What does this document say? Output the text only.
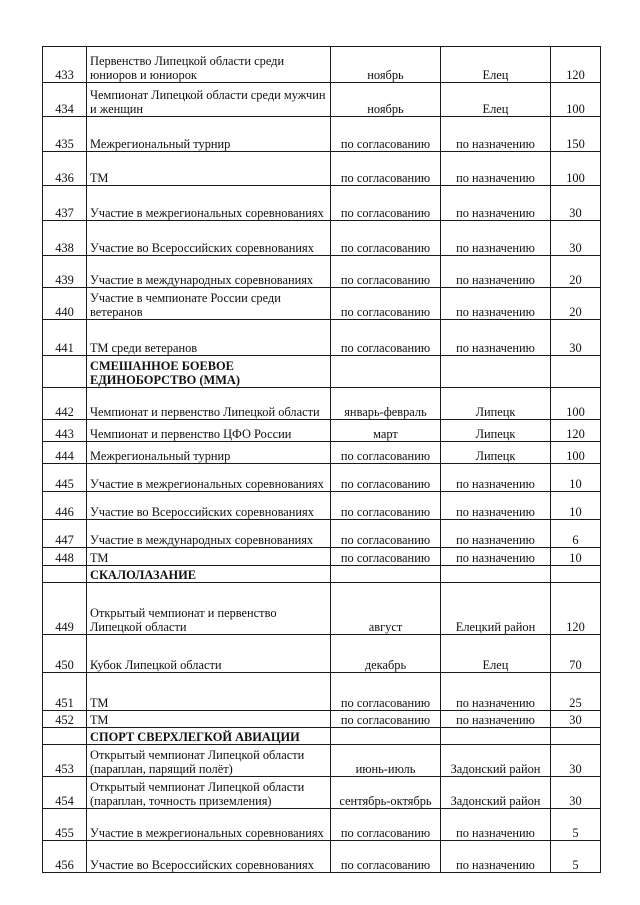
433	Первенство Липецкой области среди юниоров и юниорок	ноябрь	Елец	120
434	Чемпионат Липецкой области среди мужчин и женщин	ноябрь	Елец	100
435	Межрегиональный турнир	по согласованию	по назначению	150
436	ТМ	по согласованию	по назначению	100
437	Участие в межрегиональных соревнованиях	по согласованию	по назначению	30
438	Участие во Всероссийских соревнованиях	по согласованию	по назначению	30
439	Участие в международных соревнованиях	по согласованию	по назначению	20
440	Участие в чемпионате России среди ветеранов	по согласованию	по назначению	20
441	ТМ среди ветеранов	по согласованию	по назначению	30
	СМЕШАННОЕ БОЕВОЕ ЕДИНОБОРСТВО (ММА)			
442	Чемпионат и первенство Липецкой области	январь-февраль	Липецк	100
443	Чемпионат и первенство ЦФО России	март	Липецк	120
444	Межрегиональный турнир	по согласованию	Липецк	100
445	Участие в межрегиональных соревнованиях	по согласованию	по назначению	10
446	Участие во Всероссийских соревнованиях	по согласованию	по назначению	10
447	Участие в международных соревнованиях	по согласованию	по назначению	6
448	ТМ	по согласованию	по назначению	10
	СКАЛОЛАЗАНИЕ			
449	Открытый чемпионат и первенство Липецкой области	август	Елецкий район	120
450	Кубок Липецкой области	декабрь	Елец	70
451	ТМ	по согласованию	по назначению	25
452	ТМ	по согласованию	по назначению	30
	СПОРТ СВЕРХЛЕГКОЙ АВИАЦИИ			
453	Открытый чемпионат Липецкой области (параплан, парящий полёт)	июнь-июль	Задонский район	30
454	Открытый чемпионат Липецкой области (параплан, точность приземления)	сентябрь-октябрь	Задонский район	30
455	Участие в межрегиональных соревнованиях	по согласованию	по назначению	5
456	Участие во Всероссийских соревнованиях	по согласованию	по назначению	5
